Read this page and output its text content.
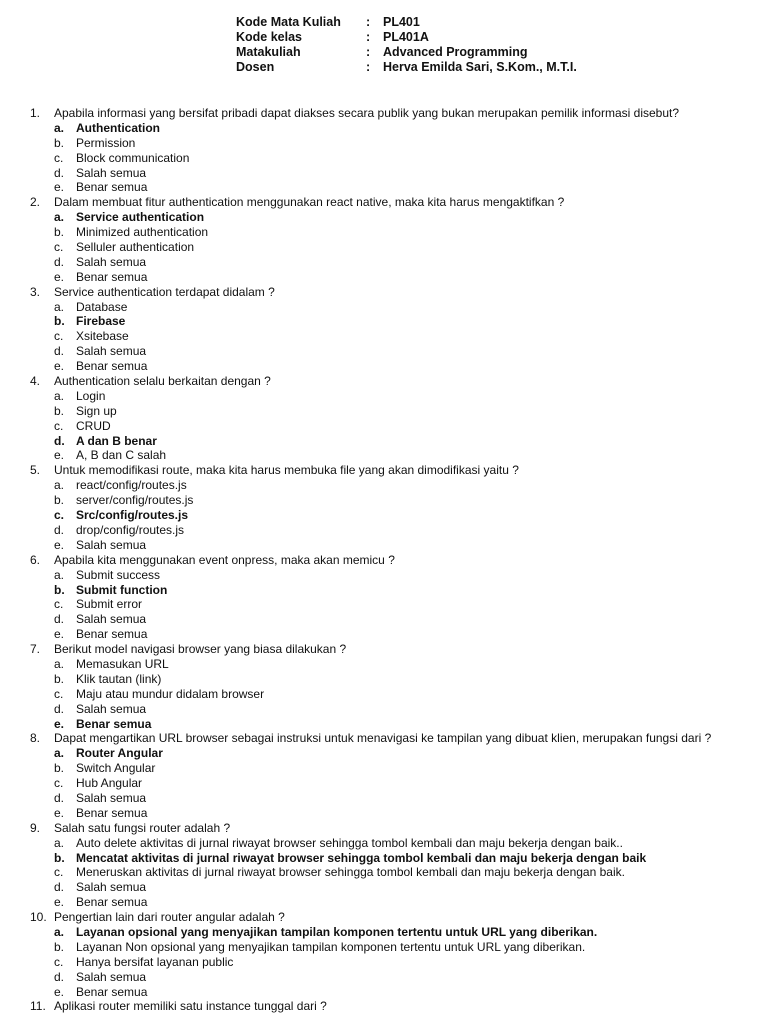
Kode Mata Kuliah	:	PL401
Kode kelas	:	PL401A
Matakuliah	:	Advanced Programming
Dosen	:	Herva Emilda Sari, S.Kom., M.T.I.
1.	Apabila informasi yang bersifat pribadi dapat diakses secara publik yang bukan merupakan pemilik informasi disebut?
a. Authentication
b. Permission
c.	Block communication
d. Salah semua
e. Benar semua
2.	Dalam membuat fitur authentication menggunakan react native, maka kita harus mengaktifkan ?
a. Service authentication
b. Minimized authentication
c.	Selluler authentication
d. Salah semua
e. Benar semua
3.	Service authentication terdapat didalam ?
a. Database
b. Firebase
c.	Xsitebase
d. Salah semua
e. Benar semua
4.	Authentication selalu berkaitan dengan ?
a. Login
b. Sign up
c.	CRUD
d. A dan B benar
e. A, B dan C salah
5.	Untuk memodifikasi route, maka kita harus membuka file yang akan dimodifikasi yaitu ?
a. react/config/routes.js
b. server/config/routes.js
c. Src/config/routes.js
d. drop/config/routes.js
e. Salah semua
6.	Apabila kita menggunakan event onpress, maka akan memicu ?
a. Submit success
b. Submit function
c.	Submit error
d. Salah semua
e. Benar semua
7.	Berikut model navigasi browser yang biasa dilakukan ?
a. Memasukan URL
b. Klik tautan (link)
c.	Maju atau mundur didalam browser
d. Salah semua
e. Benar semua
8.	Dapat mengartikan URL browser sebagai instruksi untuk menavigasi ke tampilan yang dibuat klien, merupakan fungsi dari ?
a. Router Angular
b. Switch Angular
c.	Hub Angular
d. Salah semua
e. Benar semua
9.	Salah satu fungsi router adalah ?
a. Auto delete aktivitas di jurnal riwayat browser sehingga tombol kembali dan maju bekerja dengan baik..
b. Mencatat aktivitas di jurnal riwayat browser sehingga tombol kembali dan maju bekerja dengan baik
c.	Meneruskan aktivitas di jurnal riwayat browser sehingga tombol kembali dan maju bekerja dengan baik.
d. Salah semua
e. Benar semua
10. Pengertian lain dari router angular adalah ?
a. Layanan opsional yang menyajikan tampilan komponen tertentu untuk URL yang diberikan.
b. Layanan Non opsional yang menyajikan tampilan komponen tertentu untuk URL yang diberikan.
c.	Hanya bersifat layanan public
d. Salah semua
e. Benar semua
11. Aplikasi router memiliki satu instance tunggal dari ?
